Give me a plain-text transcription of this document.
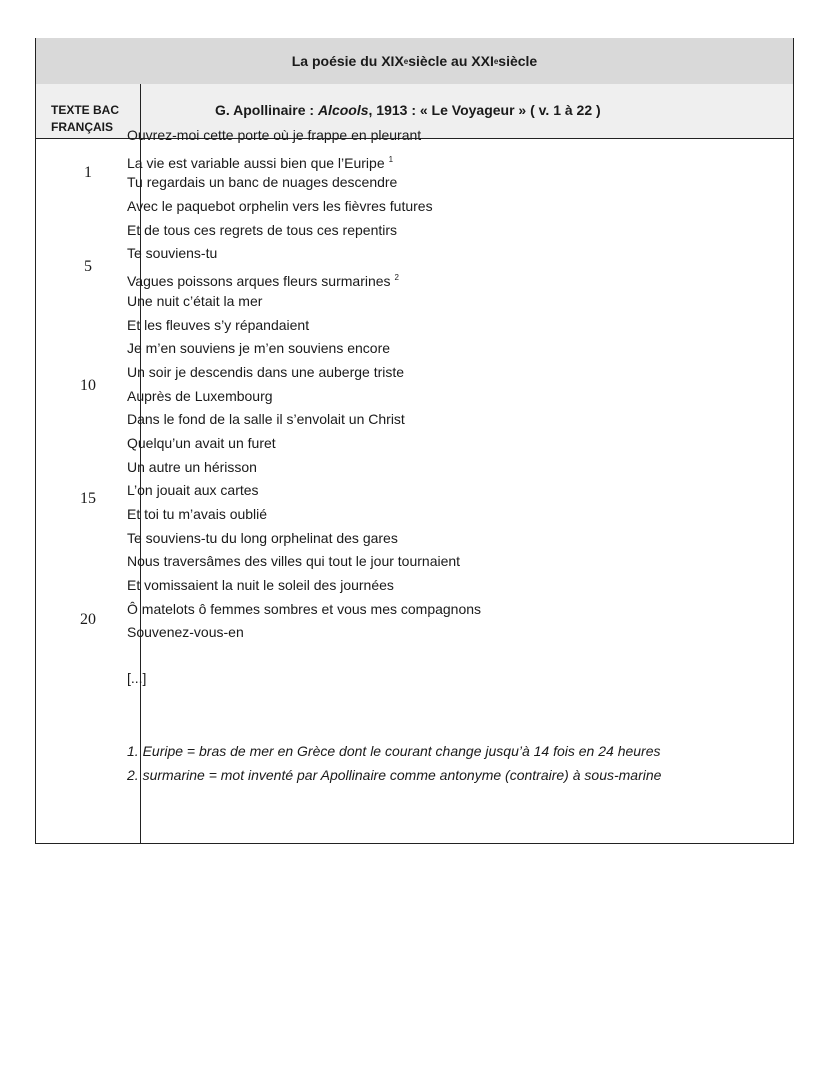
La poésie du XIX e siècle au XXI e siècle
TEXTE BAC
FRANÇAIS
G. Apollinaire : Alcools, 1913 : « Le Voyageur » ( v. 1 à 22 )
1
5
10
15
20
Ouvrez-moi cette porte où je frappe en pleurant
La vie est variable aussi bien que l’Euripe $^1$
Tu regardais un banc de nuages descendre
Avec le paquebot orphelin vers les fièvres futures
Et de tous ces regrets de tous ces repentirs
Te souviens-tu
Vagues poissons arques fleurs surmarines $^2$
Une nuit c’était la mer
Et les fleuves s’y répandaient
Je m’en souviens je m’en souviens encore
Un soir je descendis dans une auberge triste
Auprès de Luxembourg
Dans le fond de la salle il s’envolait un Christ
Quelqu’un avait un furet
Un autre un hérisson
L’on jouait aux cartes
Et toi tu m’avais oublié
Te souviens-tu du long orphelinat des gares
Nous traversâmes des villes qui tout le jour tournaient
Et vomissaient la nuit le soleil des journées
Ô matelots ô femmes sombres et vous mes compagnons
Souvenez-vous-en
[...]
1. Euripe = bras de mer en Grèce dont le courant change jusqu’à 14 fois en 24 heures
2. surmarine = mot inventé par Apollinaire comme antonyme (contraire) à sous-marine
